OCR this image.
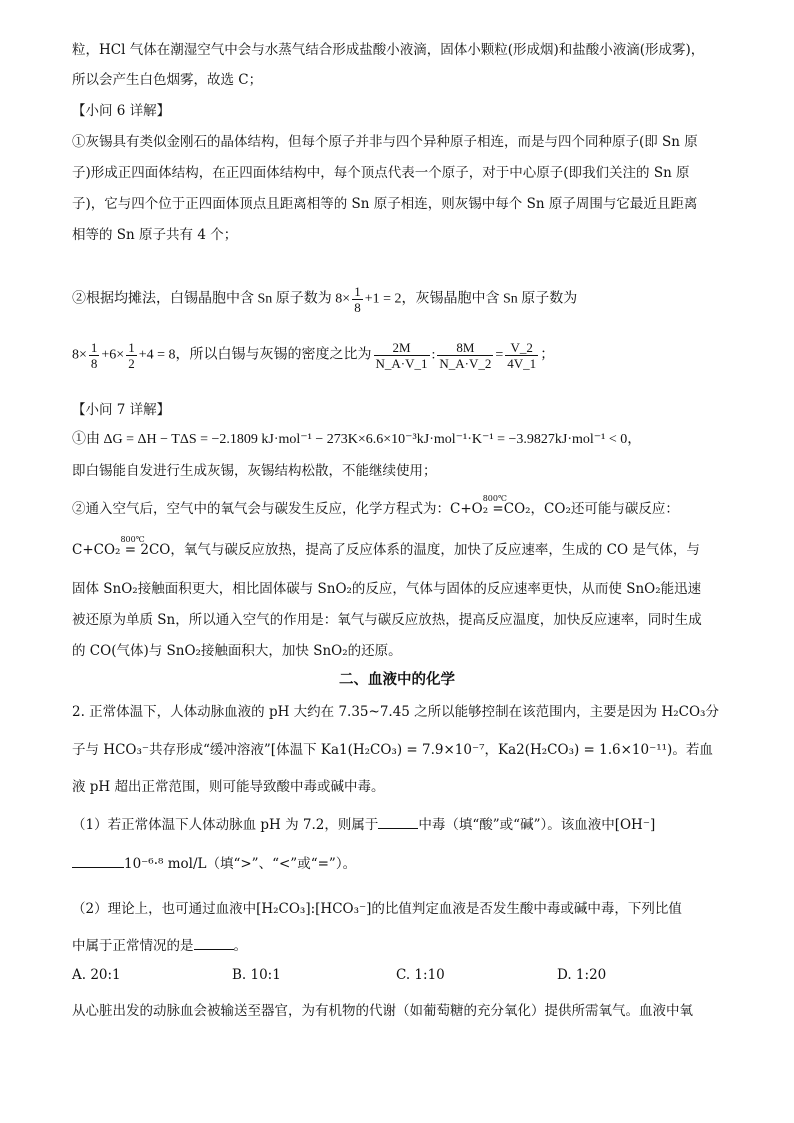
粒，HCl 气体在潮湿空气中会与水蒸气结合形成盐酸小液滴，固体小颗粒(形成烟)和盐酸小液滴(形成雾)，
所以会产生白色烟雾，故选 C；
【小问 6 详解】
①灰锡具有类似金刚石的晶体结构，但每个原子并非与四个异种原子相连，而是与四个同种原子(即 Sn 原
子)形成正四面体结构，在正四面体结构中，每个顶点代表一个原子，对于中心原子(即我们关注的 Sn 原
子)，它与四个位于正四面体顶点且距离相等的 Sn 原子相连，则灰锡中每个 Sn 原子周围与它最近且距离
相等的 Sn 原子共有 4 个；
②根据均摊法，白锡晶胞中含 Sn 原子数为 $8\times \frac{1}{8} +1 = 2$，灰锡晶胞中含 Sn 原子数为
$8\times \frac{1}{8} +6\times \frac{1}{2} +4 = 8$，所以白锡与灰锡的密度之比为 $\frac{2M}{N\_A\cdot V\_1}$ : $\frac{8M}{N\_A\cdot V\_2} = \frac{V\_2}{4V\_1}$ ；
【小问 7 详解】
①由 ΔG = ΔH − TΔS = −2.1809 kJ·mol⁻¹ − 273K×6.6×10⁻³kJ·mol⁻¹·K⁻¹ = −3.9827kJ·mol⁻¹ < 0，
即白锡能自发进行生成灰锡，灰锡结构松散，不能继续使用；
②通入空气后，空气中的氧气会与碳发生反应，化学方程式为：C+O
800℃
₂ =CO₂，CO₂还可能与碳反应：
C+CO₂
800℃
= 2CO，氧气与碳反应放热，提高了反应体系的温度，加快了反应速率，生成的 CO 是气体，与
固体 SnO₂接触面积更大，相比固体碳与 SnO₂的反应，气体与固体的反应速率更快，从而使 SnO₂能迅速
被还原为单质 Sn，所以通入空气的作用是：氧气与碳反应放热，提高反应温度，加快反应速率，同时生成
的 CO(气体)与 SnO₂接触面积大，加快 SnO₂的还原。
二、血液中的化学
2. 正常体温下，人体动脉血液的 pH 大约在 7.35~7.45 之所以能够控制在该范围内，主要是因为 H₂CO₃分
子与 HCO₃⁻共存形成“缓冲溶液”[体温下 Ka1(H₂CO₃) = 7.9×10⁻⁷，Ka2(H₂CO₃) = 1.6×10⁻¹¹)。若血
液 pH 超出正常范围，则可能导致酸中毒或碱中毒。
（1）若正常体温下人体动脉血 pH 为 7.2，则属于	中毒（填“酸”或“碱”）。该血液中[OH⁻]
10⁻⁶·⁸ mol/L（填“>”、“<”或“=”）。
（2）理论上，也可通过血液中[H₂CO₃]:[HCO₃⁻]的比值判定血液是否发生酸中毒或碱中毒，下列比值
中属于正常情况的是	。
A. 20:1	B. 10:1	C. 1:10	D. 1:20
从心脏出发的动脉血会被输送至器官，为有机物的代谢（如葡萄糖的充分氧化）提供所需氧气。血液中氧
